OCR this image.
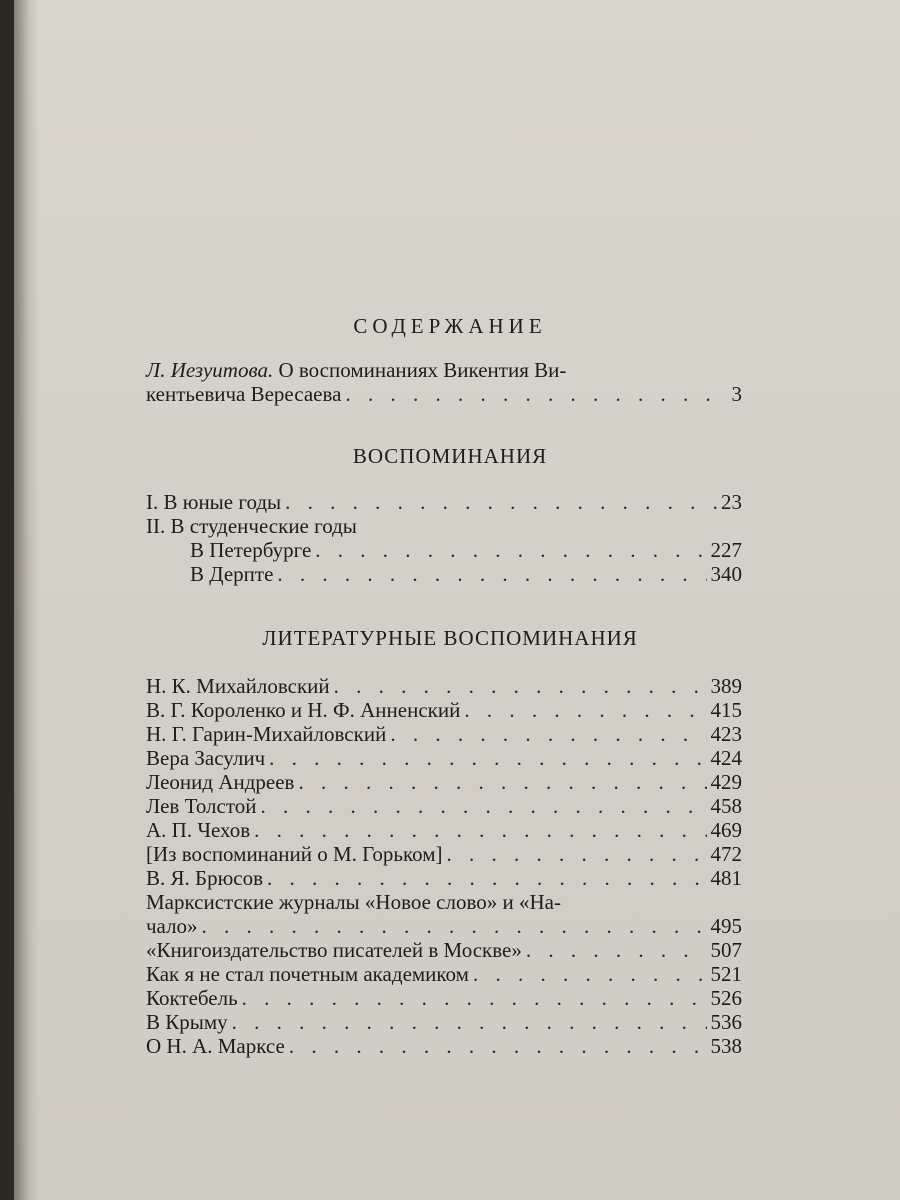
СОДЕРЖАНИЕ
Л. Иезуитова. О воспоминаниях Викентия Ви-
кентьевича Вересаева . . .	3
ВОСПОМИНАНИЯ
I. В юные годы . . .	23
II. В студенческие годы
В Петербурге . . .	227
В Дерпте . . .	340
ЛИТЕРАТУРНЫЕ ВОСПОМИНАНИЯ
Н. К. Михайловский . . .	389
В. Г. Короленко и Н. Ф. Анненский . . .	415
Н. Г. Гарин-Михайловский . . .	423
Вера Засулич . . .	424
Леонид Андреев . . .	429
Лев Толстой . . .	458
А. П. Чехов . . .	469
[Из воспоминаний о М. Горьком] . . .	472
В. Я. Брюсов . . .	481
Марксистские журналы «Новое слово» и «На-
чало» . . .	495
«Книгоиздательство писателей в Москве» . . .	507
Как я не стал почетным академиком . . .	521
Коктебель . . .	526
В Крыму . . .	536
О Н. А. Марксе . . .	538
